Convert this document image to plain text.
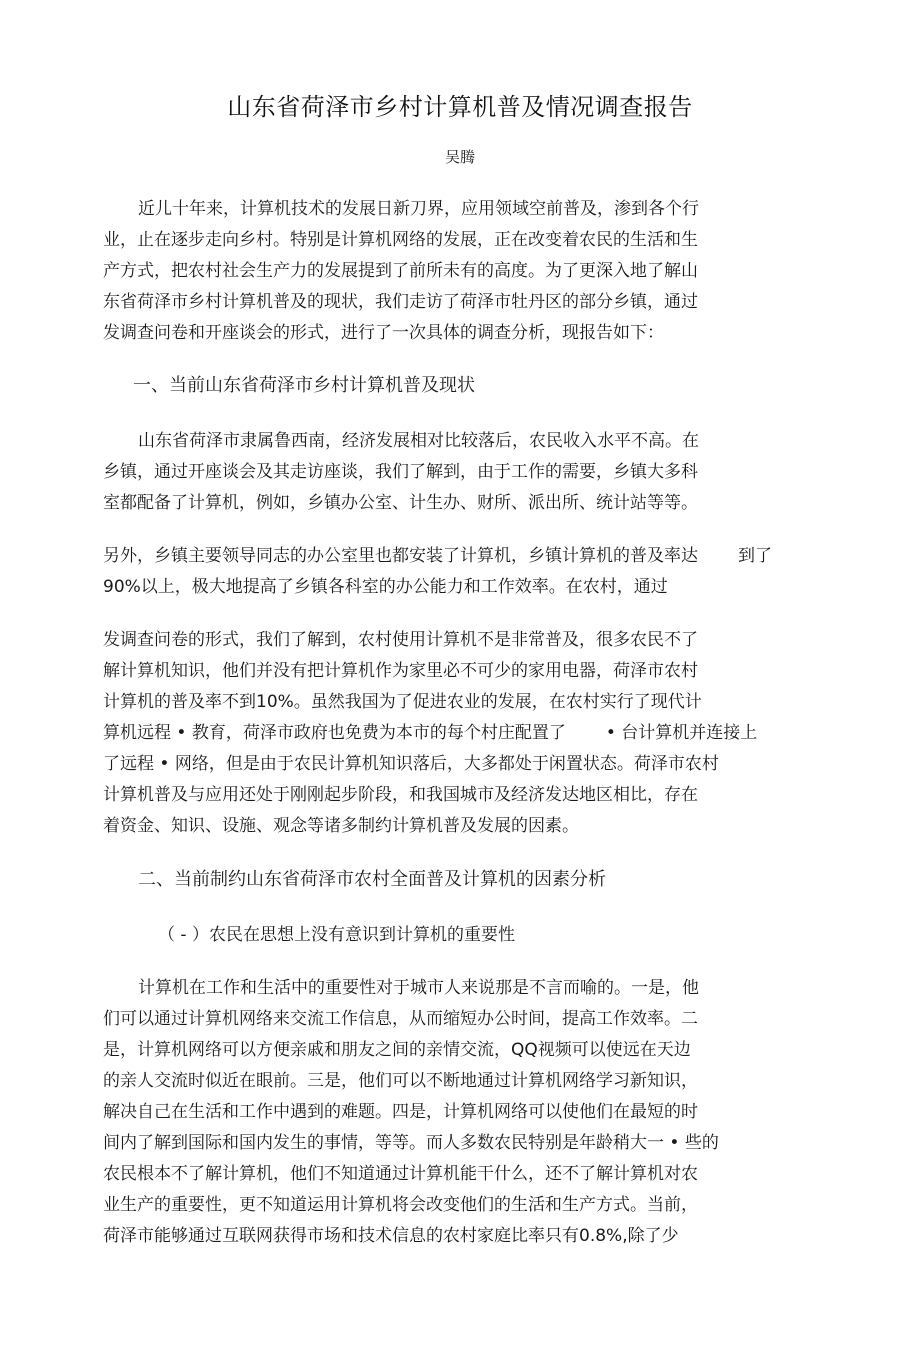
山东省荷泽市乡村计算机普及情况调查报告
吴腾
近儿十年来，计算机技术的发展日新刀界，应用领域空前普及，渗到各个行
业，止在逐步走向乡村。特别是计算机网络的发展，正在改变着农民的生活和生
产方式，把农村社会生产力的发展提到了前所未有的高度。为了更深入地了解山
东省荷泽市乡村计算机普及的现状，我们走访了荷泽市牡丹区的部分乡镇，通过
发调查问卷和开座谈会的形式，进行了一次具体的调查分析，现报告如下：
一、当前山东省荷泽市乡村计算机普及现状
山东省荷泽市隶属鲁西南，经济发展相对比较落后，农民收入水平不高。在
乡镇，通过开座谈会及其走访座谈，我们了解到，由于工作的需要，乡镇大多科
室都配备了计算机，例如，乡镇办公室、计生办、财所、派出所、统计站等等。
另外，乡镇主要领导同志的办公室里也都安装了计算机，乡镇计算机的普及率达 到了
90%以上，极大地提高了乡镇各科室的办公能力和工作效率。在农村，通过
发调查问卷的形式，我们了解到，农村使用计算机不是非常普及，很多农民不了
解计算机知识，他们并没有把计算机作为家里必不可少的家用电器，荷泽市农村
计算机的普及率不到10%。虽然我国为了促进农业的发展，在农村实行了现代计
算机远程 • 教育，荷泽市政府也免费为本市的每个村庄配置了 • 台计算机并连接上
了远程 • 网络，但是由于农民计算机知识落后，大多都处于闲置状态。荷泽市农村
计算机普及与应用还处于刚刚起步阶段，和我国城市及经济发达地区相比，存在
着资金、知识、设施、观念等诸多制约计算机普及发展的因素。
二、当前制约山东省荷泽市农村全面普及计算机的因素分析
（ - ）农民在思想上没有意识到计算机的重要性
计算机在工作和生活中的重要性对于城市人来说那是不言而喻的。一是，他
们可以通过计算机网络来交流工作信息，从而缩短办公时间，提高工作效率。二
是，计算机网络可以方便亲戚和朋友之间的亲情交流，QQ视频可以使远在天边
的亲人交流时似近在眼前。三是，他们可以不断地通过计算机网络学习新知识，
解决自己在生活和工作中遇到的难题。四是，计算机网络可以使他们在最短的时
间内了解到国际和国内发生的事情，等等。而人多数农民特别是年龄稍大一 • 些的
农民根本不了解计算机，他们不知道通过计算机能干什么，还不了解计算机对农
业生产的重要性，更不知道运用计算机将会改变他们的生活和生产方式。当前，
荷泽市能够通过互联网获得市场和技术信息的农村家庭比率只有0.8%,除了少
